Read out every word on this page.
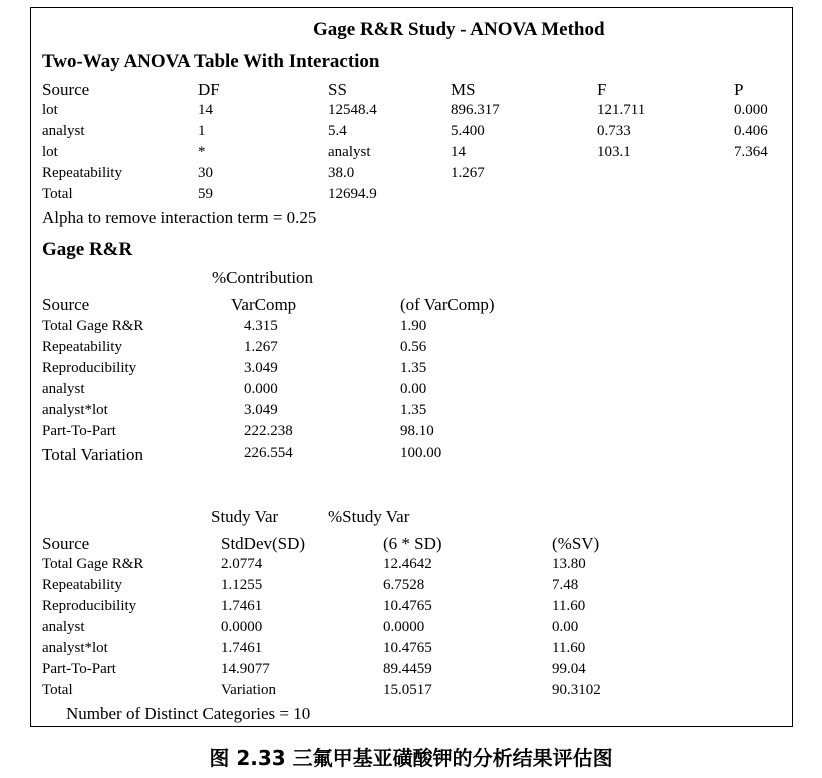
Gage R&R Study - ANOVA Method
Two-Way ANOVA Table With Interaction
Source	DF	SS	MS	F	P
lot	14	12548.4	896.317	121.711	0.000
analyst	1	5.4	5.400	0.733	0.406
lot	*	analyst	14	103.1	7.364
Repeatability	30	38.0	1.267
Total	59	12694.9
Alpha to remove interaction term = 0.25
Gage R&R
%Contribution
Source	VarComp	(of VarComp)
Total Gage R&R	4.315	1.90
Repeatability	1.267	0.56
Reproducibility	3.049	1.35
analyst	0.000	0.00
analyst*lot	3.049	1.35
Part-To-Part	222.238	98.10
Total Variation	226.554	100.00
Study Var	%Study Var
Source	StdDev(SD)	(6 * SD)	(%SV)
Total Gage R&R	2.0774	12.4642	13.80
Repeatability	1.1255	6.7528	7.48
Reproducibility	1.7461	10.4765	11.60
analyst	0.0000	0.0000	0.00
analyst*lot	1.7461	10.4765	11.60
Part-To-Part	14.9077	89.4459	99.04
Total	Variation	15.0517	90.3102
Number of Distinct Categories = 10
图 2.33 三氟甲基亚磺酸钾的分析结果评估图
